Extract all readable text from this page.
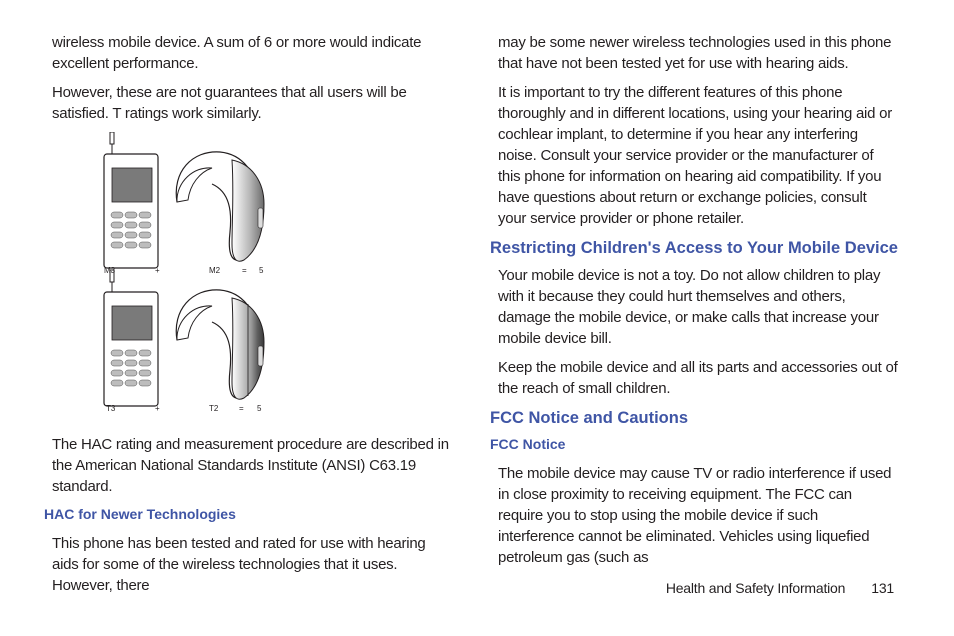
wireless mobile device. A sum of 6 or more would indicate excellent performance.

However, these are not guarantees that all users will be satisfied. T ratings work similarly.

M3	+	M2	= 5
T3	+	T2	= 5

The HAC rating and measurement procedure are described in the American National Standards Institute (ANSI) C63.19 standard.

HAC for Newer Technologies

This phone has been tested and rated for use with hearing aids for some of the wireless technologies that it uses. However, there

may be some newer wireless technologies used in this phone that have not been tested yet for use with hearing aids.

It is important to try the different features of this phone thoroughly and in different locations, using your hearing aid or cochlear implant, to determine if you hear any interfering noise. Consult your service provider or the manufacturer of this phone for information on hearing aid compatibility. If you have questions about return or exchange policies, consult your service provider or phone retailer.

Restricting Children's Access to Your Mobile Device

Your mobile device is not a toy. Do not allow children to play with it because they could hurt themselves and others, damage the mobile device, or make calls that increase your mobile device bill.

Keep the mobile device and all its parts and accessories out of the reach of small children.

FCC Notice and Cautions
FCC Notice

The mobile device may cause TV or radio interference if used in close proximity to receiving equipment. The FCC can require you to stop using the mobile device if such interference cannot be eliminated. Vehicles using liquefied petroleum gas (such as

Health and Safety Information 131
